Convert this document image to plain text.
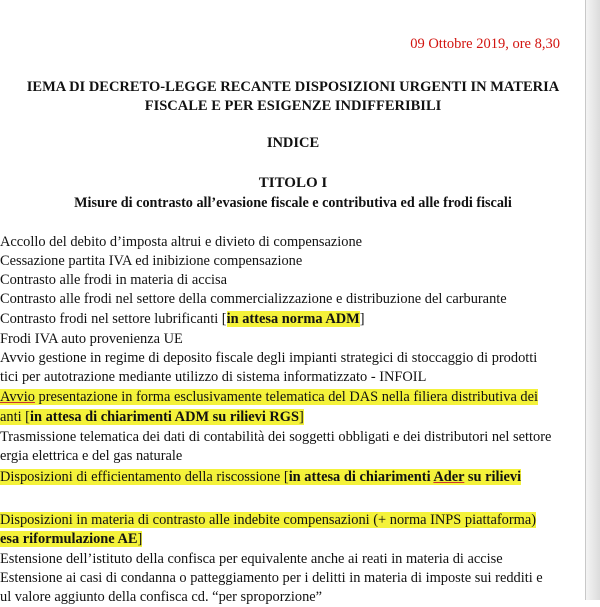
09 Ottobre 2019, ore 8,30
IEMA DI DECRETO-LEGGE RECANTE DISPOSIZIONI URGENTI IN MATERIA
FISCALE E PER ESIGENZE INDIFFERIBILI
INDICE
TITOLO I
Misure di contrasto all’evasione fiscale e contributiva ed alle frodi fiscali
Accollo del debito d’imposta altrui e divieto di compensazione
Cessazione partita IVA ed inibizione compensazione
Contrasto alle frodi in materia di accisa
Contrasto alle frodi nel settore della commercializzazione e distribuzione del carburante
Contrasto frodi nel settore lubrificanti [in attesa norma ADM]
Frodi IVA auto provenienza UE
Avvio gestione in regime di deposito fiscale degli impianti strategici di stoccaggio di prodotti
tici per autotrazione mediante utilizzo di sistema informatizzato - INFOIL
Avvio presentazione in forma esclusivamente telematica del DAS nella filiera distributiva dei
anti [in attesa di chiarimenti ADM su rilievi RGS]
Trasmissione telematica dei dati di contabilità dei soggetti obbligati e dei distributori nel settore
ergia elettrica e del gas naturale
Disposizioni di efficientamento della riscossione [in attesa di chiarimenti Ader su rilievi
Disposizioni in materia di contrasto alle indebite compensazioni (+ norma INPS piattaforma)
esa riformulazione AE]
Estensione dell’istituto della confisca per equivalente anche ai reati in materia di accise
Estensione ai casi di condanna o patteggiamento per i delitti in materia di imposte sui redditi e
ul valore aggiunto della confisca cd. “per sproporzione”
